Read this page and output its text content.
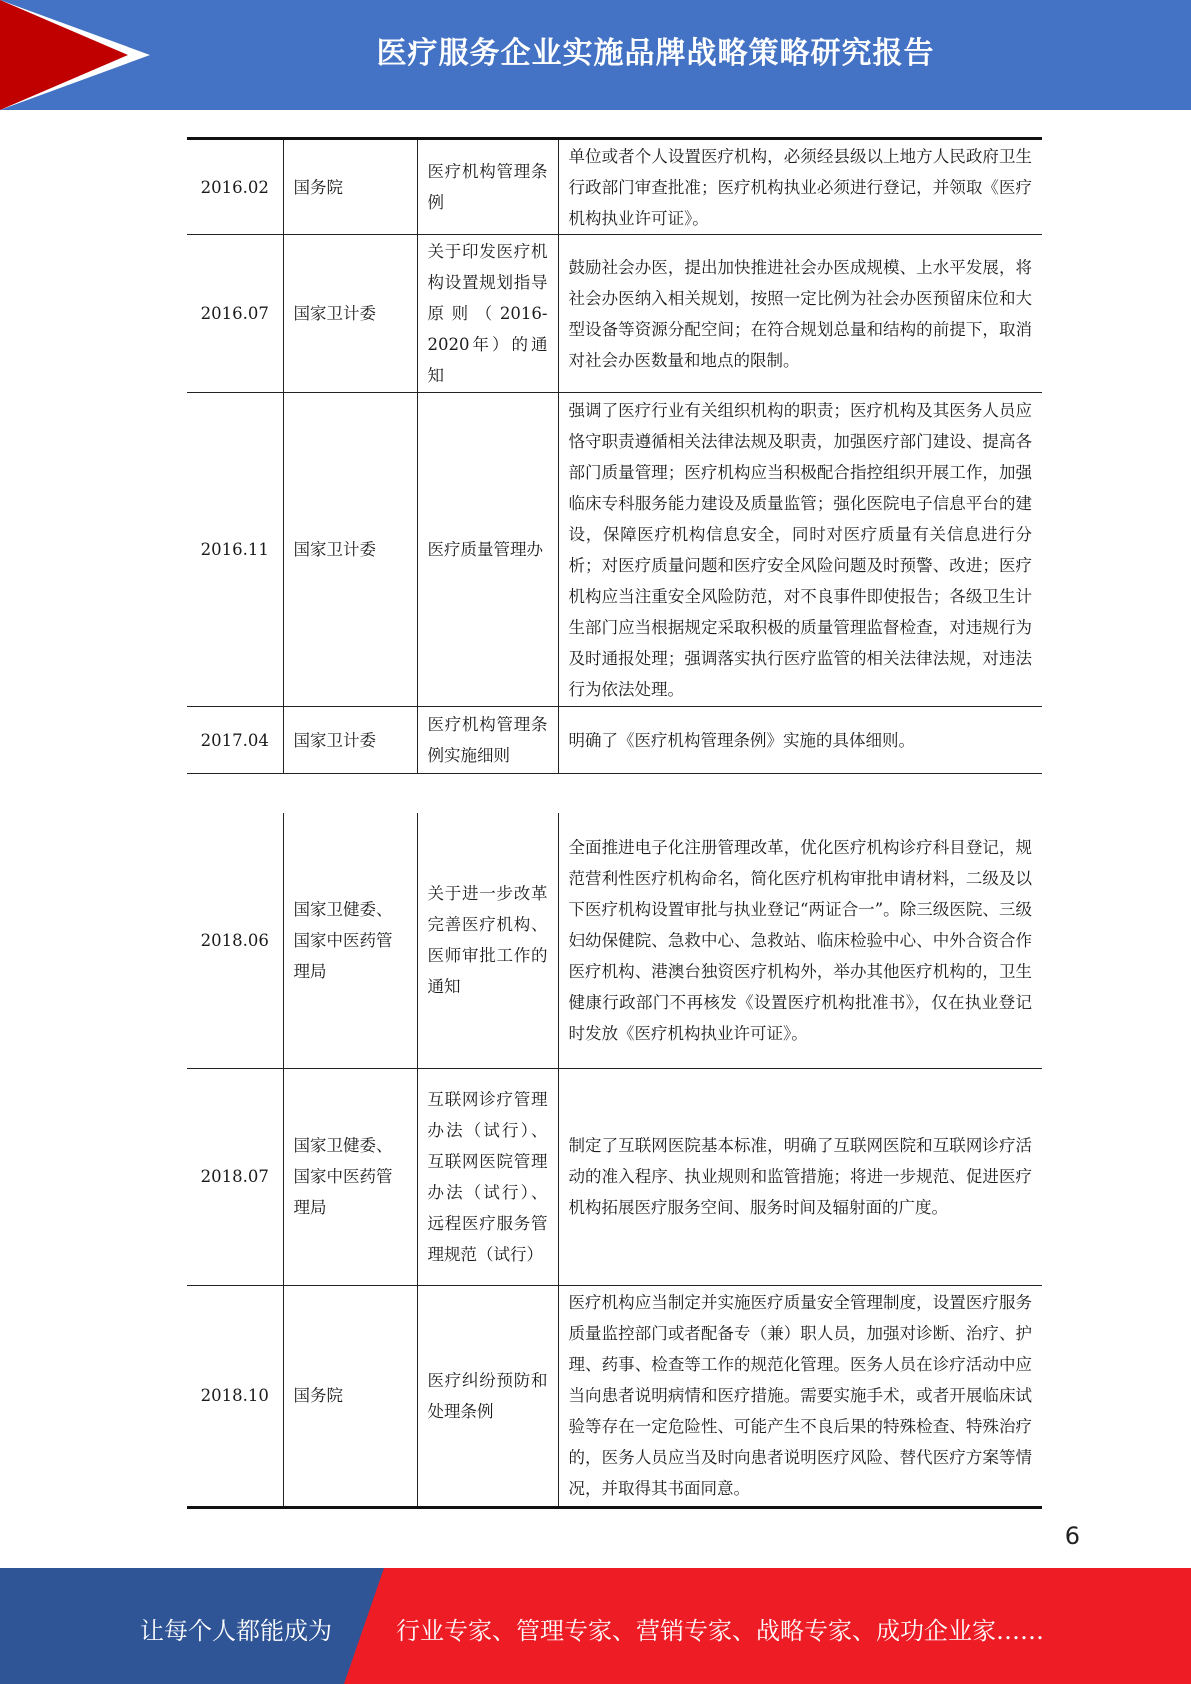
医疗服务企业实施品牌战略策略研究报告
2016.02	国务院	医疗机构管理条例	单位或者个人设置医疗机构，必须经县级以上地方人民政府卫生行政部门审查批准；医疗机构执业必须进行登记，并领取《医疗机构执业许可证》。
2016.07	国家卫计委	关于印发医疗机构设置规划指导原则（2016-2020年）的通知	鼓励社会办医，提出加快推进社会办医成规模、上水平发展，将社会办医纳入相关规划，按照一定比例为社会办医预留床位和大型设备等资源分配空间；在符合规划总量和结构的前提下，取消对社会办医数量和地点的限制。
2016.11	国家卫计委	医疗质量管理办	强调了医疗行业有关组织机构的职责；医疗机构及其医务人员应恪守职责遵循相关法律法规及职责，加强医疗部门建设、提高各部门质量管理；医疗机构应当积极配合指控组织开展工作，加强临床专科服务能力建设及质量监管；强化医院电子信息平台的建设，保障医疗机构信息安全，同时对医疗质量有关信息进行分析；对医疗质量问题和医疗安全风险问题及时预警、改进；医疗机构应当注重安全风险防范，对不良事件即使报告；各级卫生计生部门应当根据规定采取积极的质量管理监督检查，对违规行为及时通报处理；强调落实执行医疗监管的相关法律法规，对违法行为依法处理。
2017.04	国家卫计委	医疗机构管理条例实施细则	明确了《医疗机构管理条例》实施的具体细则。
2018.06	国家卫健委、国家中医药管理局	关于进一步改革完善医疗机构、医师审批工作的通知	全面推进电子化注册管理改革，优化医疗机构诊疗科目登记，规范营利性医疗机构命名，简化医疗机构审批申请材料，二级及以下医疗机构设置审批与执业登记“两证合一”。除三级医院、三级妇幼保健院、急救中心、急救站、临床检验中心、中外合资合作医疗机构、港澳台独资医疗机构外，举办其他医疗机构的，卫生健康行政部门不再核发《设置医疗机构批准书》，仅在执业登记时发放《医疗机构执业许可证》。
2018.07	国家卫健委、国家中医药管理局	互联网诊疗管理办法（试行）、互联网医院管理办法（试行）、远程医疗服务管理规范（试行）	制定了互联网医院基本标准，明确了互联网医院和互联网诊疗活动的准入程序、执业规则和监管措施；将进一步规范、促进医疗机构拓展医疗服务空间、服务时间及辐射面的广度。
2018.10	国务院	医疗纠纷预防和处理条例	医疗机构应当制定并实施医疗质量安全管理制度，设置医疗服务质量监控部门或者配备专（兼）职人员，加强对诊断、治疗、护理、药事、检查等工作的规范化管理。医务人员在诊疗活动中应当向患者说明病情和医疗措施。需要实施手术，或者开展临床试验等存在一定危险性、可能产生不良后果的特殊检查、特殊治疗的，医务人员应当及时向患者说明医疗风险、替代医疗方案等情况，并取得其书面同意。
6
让每个人都能成为	行业专家、管理专家、营销专家、战略专家、成功企业家……
